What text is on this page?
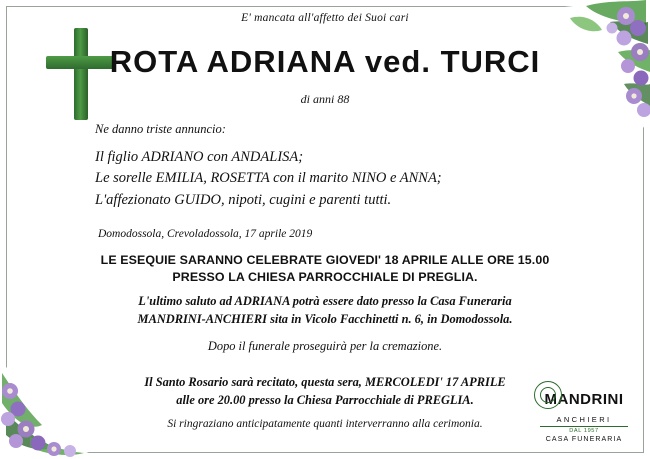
E' mancata all'affetto dei Suoi cari
ROTA ADRIANA ved. TURCI
di anni 88
Ne danno triste annuncio:
Il figlio ADRIANO con ANDALISA;
Le sorelle EMILIA, ROSETTA con il marito NINO e ANNA;
L'affezionato GUIDO, nipoti, cugini e parenti tutti.
Domodossola, Crevoladossola, 17 aprile 2019
LE ESEQUIE SARANNO CELEBRATE GIOVEDI' 18 APRILE ALLE ORE 15.00
PRESSO LA CHIESA PARROCCHIALE DI PREGLIA.
L'ultimo saluto ad ADRIANA potrà essere dato presso la Casa Funeraria
MANDRINI-ANCHIERI sita in Vicolo Facchinetti n. 6, in Domodossola.
Dopo il funerale proseguirà per la cremazione.
Il Santo Rosario sarà recitato, questa sera, MERCOLEDI' 17 APRILE
alle ore 20.00 presso la Chiesa Parrocchiale di PREGLIA.
Si ringraziano anticipatamente quanti interverranno alla cerimonia.
MANDRINI
ANCHIERI
DAL 1957
CASA FUNERARIA
